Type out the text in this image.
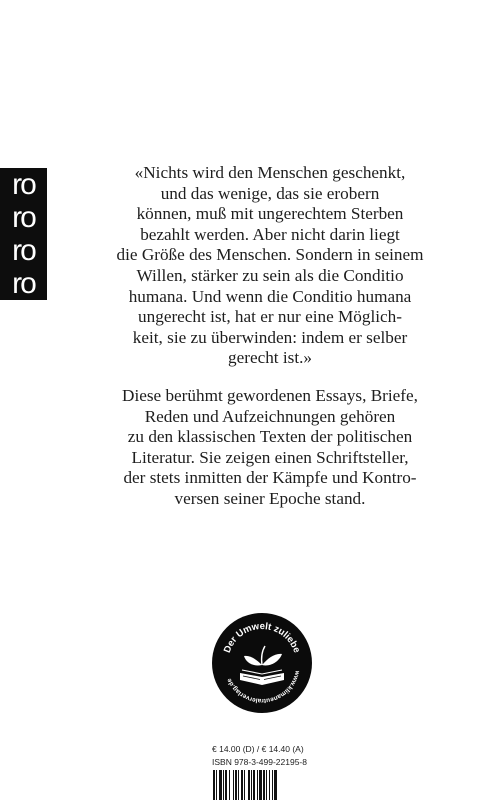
ro
ro
ro
ro
«Nichts wird den Menschen geschenkt,
und das wenige, das sie erobern
können, muß mit ungerechtem Sterben
bezahlt werden. Aber nicht darin liegt
die Größe des Menschen. Sondern in seinem
Willen, stärker zu sein als die Conditio
humana. Und wenn die Conditio humana
ungerecht ist, hat er nur eine Möglich-
keit, sie zu überwinden: indem er selber
gerecht ist.»
Diese berühmt gewordenen Essays, Briefe,
Reden und Aufzeichnungen gehören
zu den klassischen Texten der politischen
Literatur. Sie zeigen einen Schriftsteller,
der stets inmitten der Kämpfe und Kontro-
versen seiner Epoche stand.
Der Umwelt zuliebe
www.klimaneutralerverlag.de
€ 14.00 (D) / € 14.40 (A)
ISBN 978-3-499-22195-8
